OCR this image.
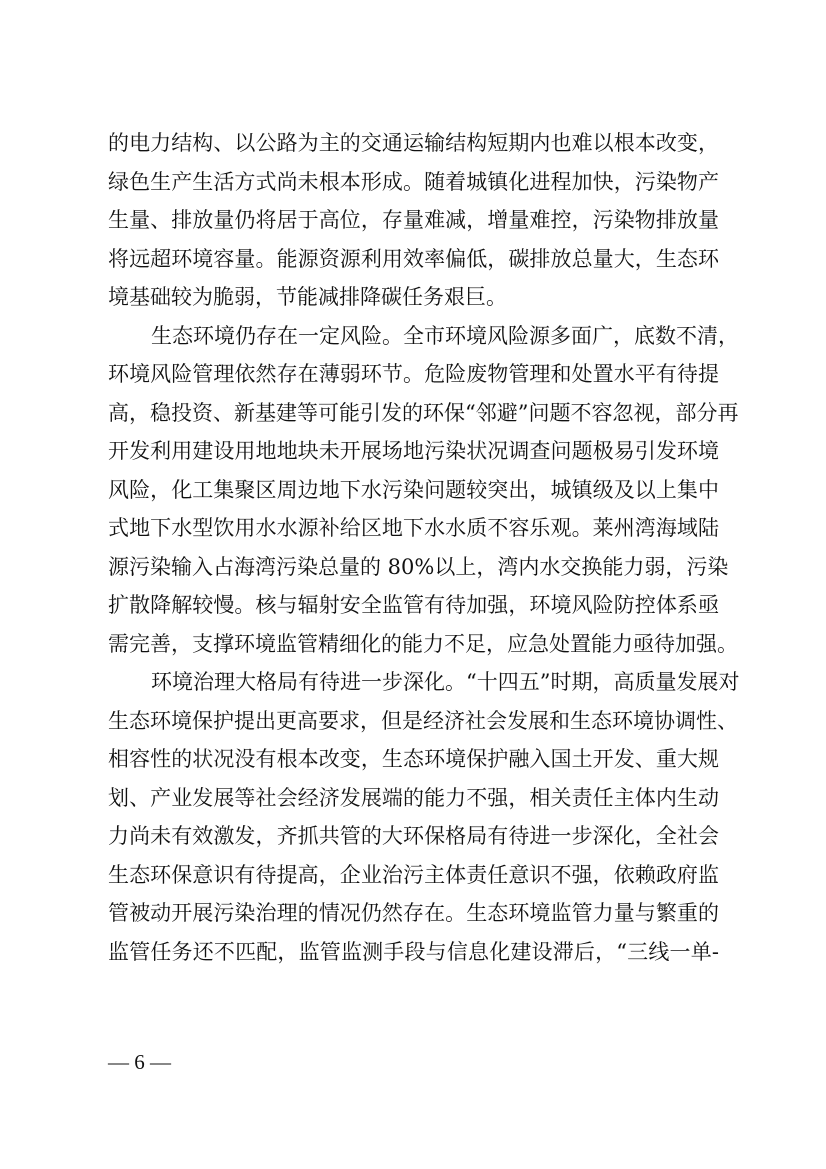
的电力结构、以公路为主的交通运输结构短期内也难以根本改变，
绿色生产生活方式尚未根本形成。随着城镇化进程加快，污染物产
生量、排放量仍将居于高位，存量难减，增量难控，污染物排放量
将远超环境容量。能源资源利用效率偏低，碳排放总量大，生态环
境基础较为脆弱，节能减排降碳任务艰巨。
生态环境仍存在一定风险。全市环境风险源多面广，底数不清，
环境风险管理依然存在薄弱环节。危险废物管理和处置水平有待提
高，稳投资、新基建等可能引发的环保“邻避”问题不容忽视，部分再
开发利用建设用地地块未开展场地污染状况调查问题极易引发环境
风险，化工集聚区周边地下水污染问题较突出，城镇级及以上集中
式地下水型饮用水水源补给区地下水水质不容乐观。莱州湾海域陆
源污染输入占海湾污染总量的 80%以上，湾内水交换能力弱，污染
扩散降解较慢。核与辐射安全监管有待加强，环境风险防控体系亟
需完善，支撑环境监管精细化的能力不足，应急处置能力亟待加强。
环境治理大格局有待进一步深化。“十四五”时期，高质量发展对
生态环境保护提出更高要求，但是经济社会发展和生态环境协调性、
相容性的状况没有根本改变，生态环境保护融入国土开发、重大规
划、产业发展等社会经济发展端的能力不强，相关责任主体内生动
力尚未有效激发，齐抓共管的大环保格局有待进一步深化，全社会
生态环保意识有待提高，企业治污主体责任意识不强，依赖政府监
管被动开展污染治理的情况仍然存在。生态环境监管力量与繁重的
监管任务还不匹配，监管监测手段与信息化建设滞后，“三线一单-
— 6 —
